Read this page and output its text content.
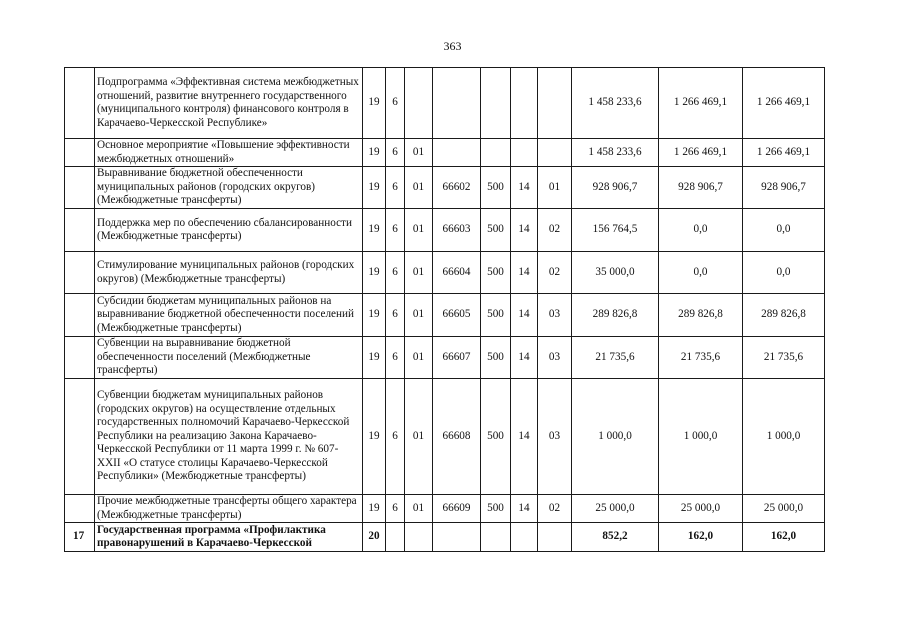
363
	Подпрограмма «Эффективная система межбюджетных отношений, развитие внутреннего государственного (муниципального контроля) финансового контроля в Карачаево-Черкесской Республике»	19	6						1 458 233,6	1 266 469,1	1 266 469,1
	Основное мероприятие «Повышение эффективности межбюджетных отношений»	19	6	01					1 458 233,6	1 266 469,1	1 266 469,1
	Выравнивание бюджетной обеспеченности муниципальных районов (городских округов) (Межбюджетные трансферты)	19	6	01	66602	500	14	01	928 906,7	928 906,7	928 906,7
	Поддержка мер по обеспечению сбалансированности (Межбюджетные трансферты)	19	6	01	66603	500	14	02	156 764,5	0,0	0,0
	Стимулирование муниципальных районов (городских округов) (Межбюджетные трансферты)	19	6	01	66604	500	14	02	35 000,0	0,0	0,0
	Субсидии бюджетам муниципальных районов на выравнивание бюджетной обеспеченности поселений (Межбюджетные трансферты)	19	6	01	66605	500	14	03	289 826,8	289 826,8	289 826,8
	Субвенции на выравнивание бюджетной обеспеченности поселений (Межбюджетные трансферты)	19	6	01	66607	500	14	03	21 735,6	21 735,6	21 735,6
	Субвенции бюджетам муниципальных районов (городских округов) на осуществление отдельных государственных полномочий Карачаево-Черкесской Республики на реализацию Закона Карачаево-Черкесской Республики от 11 марта 1999 г. № 607-XXII «О статусе столицы Карачаево-Черкесской Республики» (Межбюджетные трансферты)	19	6	01	66608	500	14	03	1 000,0	1 000,0	1 000,0
	Прочие межбюджетные трансферты общего характера (Межбюджетные трансферты)	19	6	01	66609	500	14	02	25 000,0	25 000,0	25 000,0
17	Государственная программа «Профилактика правонарушений в Карачаево-Черкесской	20							852,2	162,0	162,0
